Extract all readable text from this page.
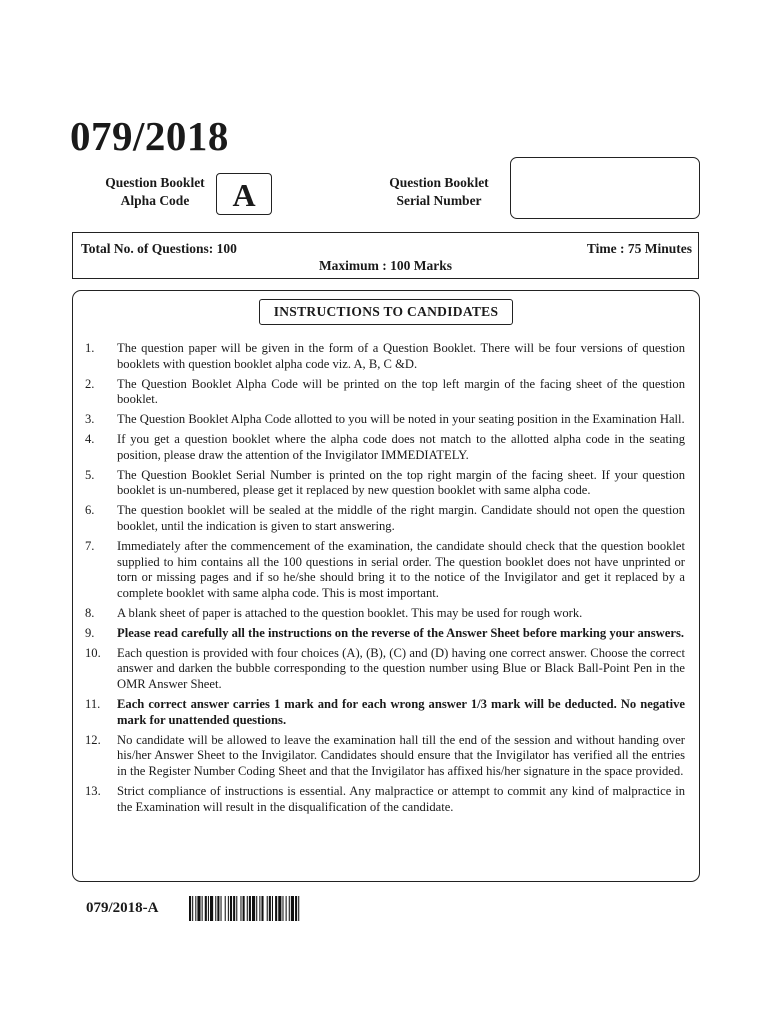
079/2018
Question Booklet
Alpha Code	A	Question Booklet
Serial Number
Total No. of Questions: 100	Time : 75 Minutes
Maximum : 100 Marks
INSTRUCTIONS TO CANDIDATES
1.	The question paper will be given in the form of a Question Booklet. There will be four versions of question booklets with question booklet alpha code viz. A, B, C &D.
2.	The Question Booklet Alpha Code will be printed on the top left margin of the facing sheet of the question booklet.
3.	The Question Booklet Alpha Code allotted to you will be noted in your seating position in the Examination Hall.
4.	If you get a question booklet where the alpha code does not match to the allotted alpha code in the seating position, please draw the attention of the Invigilator IMMEDIATELY.
5.	The Question Booklet Serial Number is printed on the top right margin of the facing sheet. If your question booklet is un-numbered, please get it replaced by new question booklet with same alpha code.
6.	The question booklet will be sealed at the middle of the right margin. Candidate should not open the question booklet, until the indication is given to start answering.
7.	Immediately after the commencement of the examination, the candidate should check that the question booklet supplied to him contains all the 100 questions in serial order. The question booklet does not have unprinted or torn or missing pages and if so he/she should bring it to the notice of the Invigilator and get it replaced by a complete booklet with same alpha code. This is most important.
8.	A blank sheet of paper is attached to the question booklet. This may be used for rough work.
9.	Please read carefully all the instructions on the reverse of the Answer Sheet before marking your answers.
10.	Each question is provided with four choices (A), (B), (C) and (D) having one correct answer. Choose the correct answer and darken the bubble corresponding to the question number using Blue or Black Ball-Point Pen in the OMR Answer Sheet.
11.	Each correct answer carries 1 mark and for each wrong answer 1/3 mark will be deducted. No negative mark for unattended questions.
12.	No candidate will be allowed to leave the examination hall till the end of the session and without handing over his/her Answer Sheet to the Invigilator. Candidates should ensure that the Invigilator has verified all the entries in the Register Number Coding Sheet and that the Invigilator has affixed his/her signature in the space provided.
13.	Strict compliance of instructions is essential. Any malpractice or attempt to commit any kind of malpractice in the Examination will result in the disqualification of the candidate.
079/2018-A
